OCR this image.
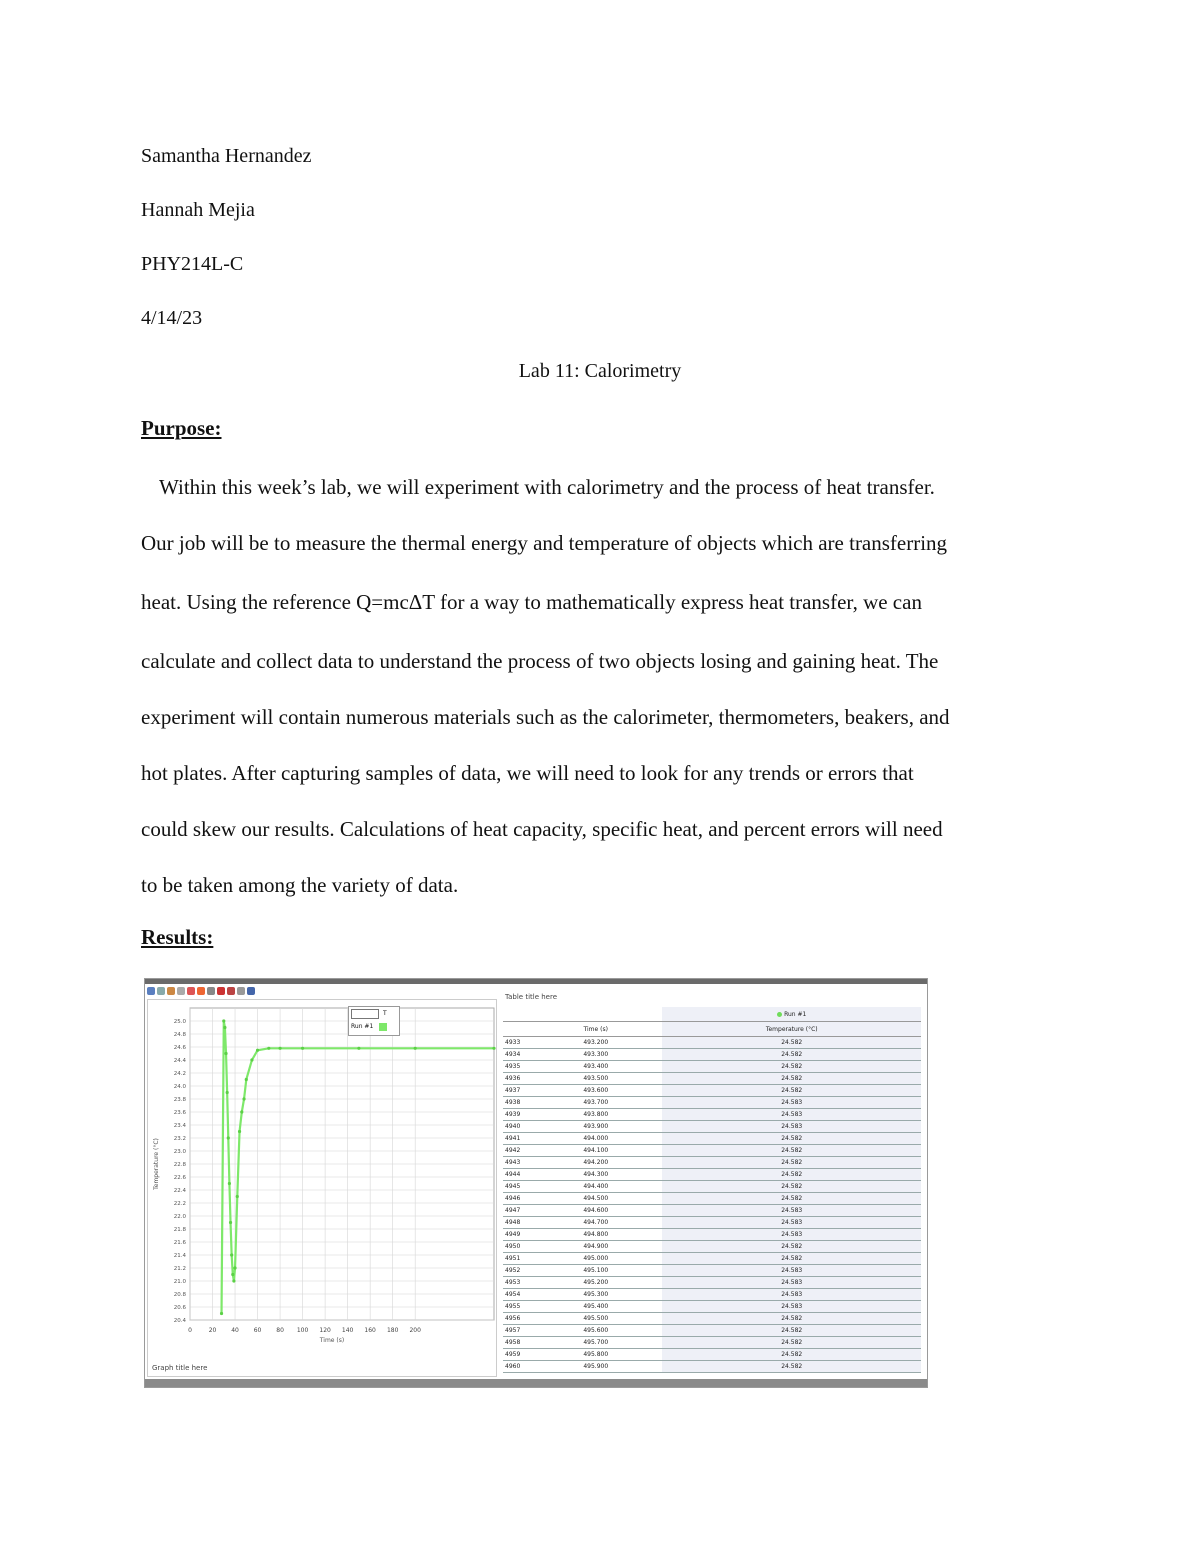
Samantha Hernandez
Hannah Mejia
PHY214L-C
4/14/23
Lab 11: Calorimetry
Purpose:
Within this week’s lab, we will experiment with calorimetry and the process of heat transfer.
Our job will be to measure the thermal energy and temperature of objects which are transferring
heat. Using the reference Q=mcΔT for a way to mathematically express heat transfer, we can
calculate and collect data to understand the process of two objects losing and gaining heat. The
experiment will contain numerous materials such as the calorimeter, thermometers, beakers, and
hot plates. After capturing samples of data, we will need to look for any trends or errors that
could skew our results. Calculations of heat capacity, specific heat, and percent errors will need
to be taken among the variety of data.
Results:
25.0
24.8
24.6
24.4
24.2
24.0
23.8
23.6
23.4
23.2
23.0
22.8
22.6
22.4
22.2
22.0
21.8
21.6
21.4
21.2
21.0
20.8
20.6
20.4
0	20 40 60 80 100 120 140 160 180 200
Time (s)
Temperature (°C)
T
Run #1
Graph title here
Table title here
		Run #1
	Time (s)	Temperature (°C)
4933	493.200	24.582
4934	493.300	24.582
4935	493.400	24.582
4936	493.500	24.582
4937	493.600	24.582
4938	493.700	24.583
4939	493.800	24.583
4940	493.900	24.583
4941	494.000	24.582
4942	494.100	24.582
4943	494.200	24.582
4944	494.300	24.582
4945	494.400	24.582
4946	494.500	24.582
4947	494.600	24.583
4948	494.700	24.583
4949	494.800	24.583
4950	494.900	24.582
4951	495.000	24.582
4952	495.100	24.583
4953	495.200	24.583
4954	495.300	24.583
4955	495.400	24.583
4956	495.500	24.582
4957	495.600	24.582
4958	495.700	24.582
4959	495.800	24.582
4960	495.900	24.582
